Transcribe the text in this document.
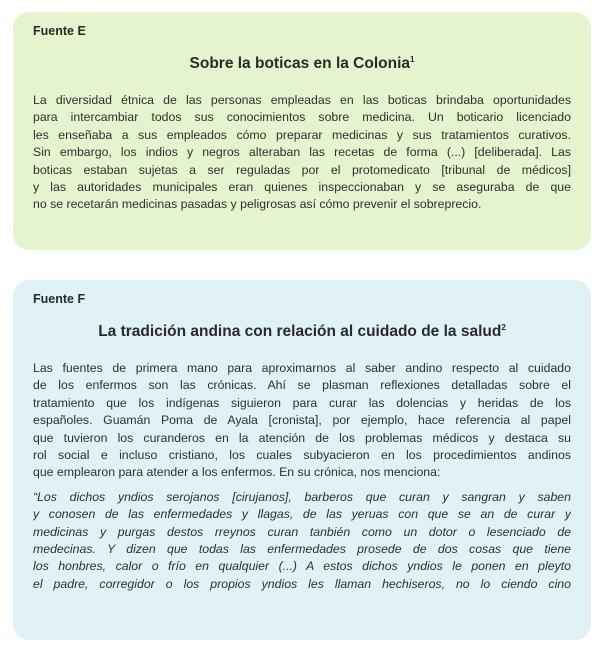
Fuente E
Sobre la boticas en la Colonia$^1$
La diversidad étnica de las personas empleadas en las boticas brindaba oportunidades
para intercambiar todos sus conocimientos sobre medicina. Un boticario licenciado
les enseñaba a sus empleados cómo preparar medicinas y sus tratamientos curativos.
Sin embargo, los indios y negros alteraban las recetas de forma (...) [deliberada]. Las
boticas estaban sujetas a ser reguladas por el protomedicato [tribunal de médicos]
y las autoridades municipales eran quienes inspeccionaban y se aseguraba de que
no se recetarán medicinas pasadas y peligrosas así cómo prevenir el sobreprecio.
Fuente F
La tradición andina con relación al cuidado de la salud$^2$
Las fuentes de primera mano para aproximarnos al saber andino respecto al cuidado
de los enfermos son las crónicas. Ahí se plasman reflexiones detalladas sobre el
tratamiento que los indígenas siguieron para curar las dolencias y heridas de los
españoles. Guamán Poma de Ayala [cronista], por ejemplo, hace referencia al papel
que tuvieron los curanderos en la atención de los problemas médicos y destaca su
rol social e incluso cristiano, los cuales subyacieron en los procedimientos andinos
que emplearon para atender a los enfermos. En su crónica, nos menciona:
“Los dichos yndios serojanos [cirujanos], barberos que curan y sangran y saben
y conosen de las enfermedades y llagas, de las yeruas con que se an de curar y
medicinas y purgas destos rreynos curan tanbién como un dotor o lesenciado de
medecinas. Y dizen que todas las enfermedades prosede de dos cosas que tiene
los honbres, calor o frío en qualquier (...) A estos dichos yndios le ponen en pleyto
el padre, corregidor o los propios yndios les llaman hechiseros, no lo ciendo cino
